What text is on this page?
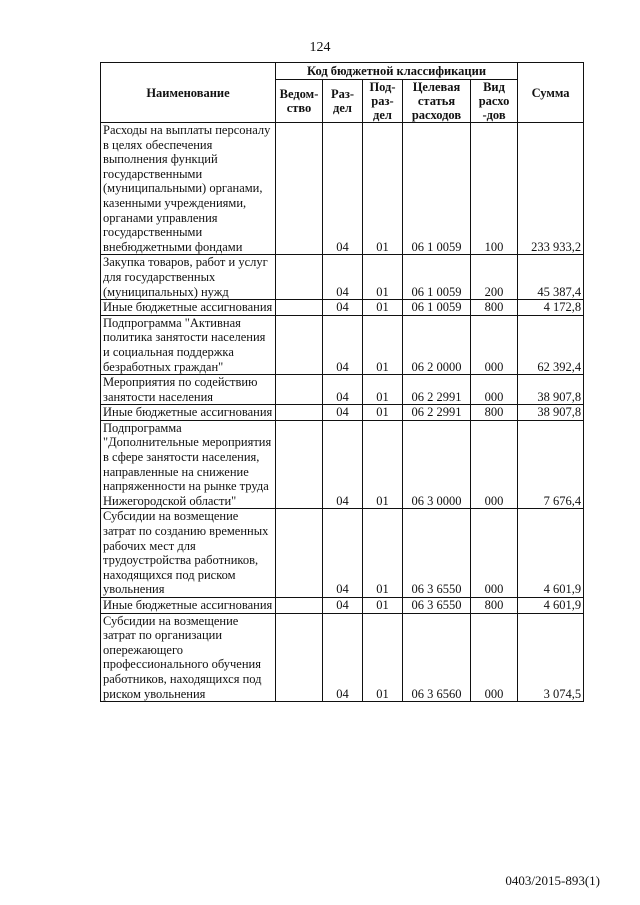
124
Наименование	Код бюджетной классификации					Сумма
	Ведом- ство	Раз- дел	Под- раз- дел	Целевая статья расходов	Вид расхо -дов	
Расходы на выплаты персоналу в целях обеспечения выполнения функций государственными (муниципальными) органами, казенными учреждениями, органами управления государственными внебюджетными фондами		04	01	06 1 0059	100	233 933,2
Закупка товаров, работ и услуг для государственных (муниципальных) нужд		04	01	06 1 0059	200	45 387,4
Иные бюджетные ассигнования		04	01	06 1 0059	800	4 172,8
Подпрограмма "Активная политика занятости населения и социальная поддержка безработных граждан"		04	01	06 2 0000	000	62 392,4
Мероприятия по содействию занятости населения		04	01	06 2 2991	000	38 907,8
Иные бюджетные ассигнования		04	01	06 2 2991	800	38 907,8
Подпрограмма "Дополнительные мероприятия в сфере занятости населения, направленные на снижение напряженности на рынке труда Нижегородской области"		04	01	06 3 0000	000	7 676,4
Субсидии на возмещение затрат по созданию временных рабочих мест для трудоустройства работников, находящихся под риском увольнения		04	01	06 3 6550	000	4 601,9
Иные бюджетные ассигнования		04	01	06 3 6550	800	4 601,9
Субсидии на возмещение затрат по организации опережающего профессионального обучения работников, находящихся под риском увольнения		04	01	06 3 6560	000	3 074,5
0403/2015-893(1)
